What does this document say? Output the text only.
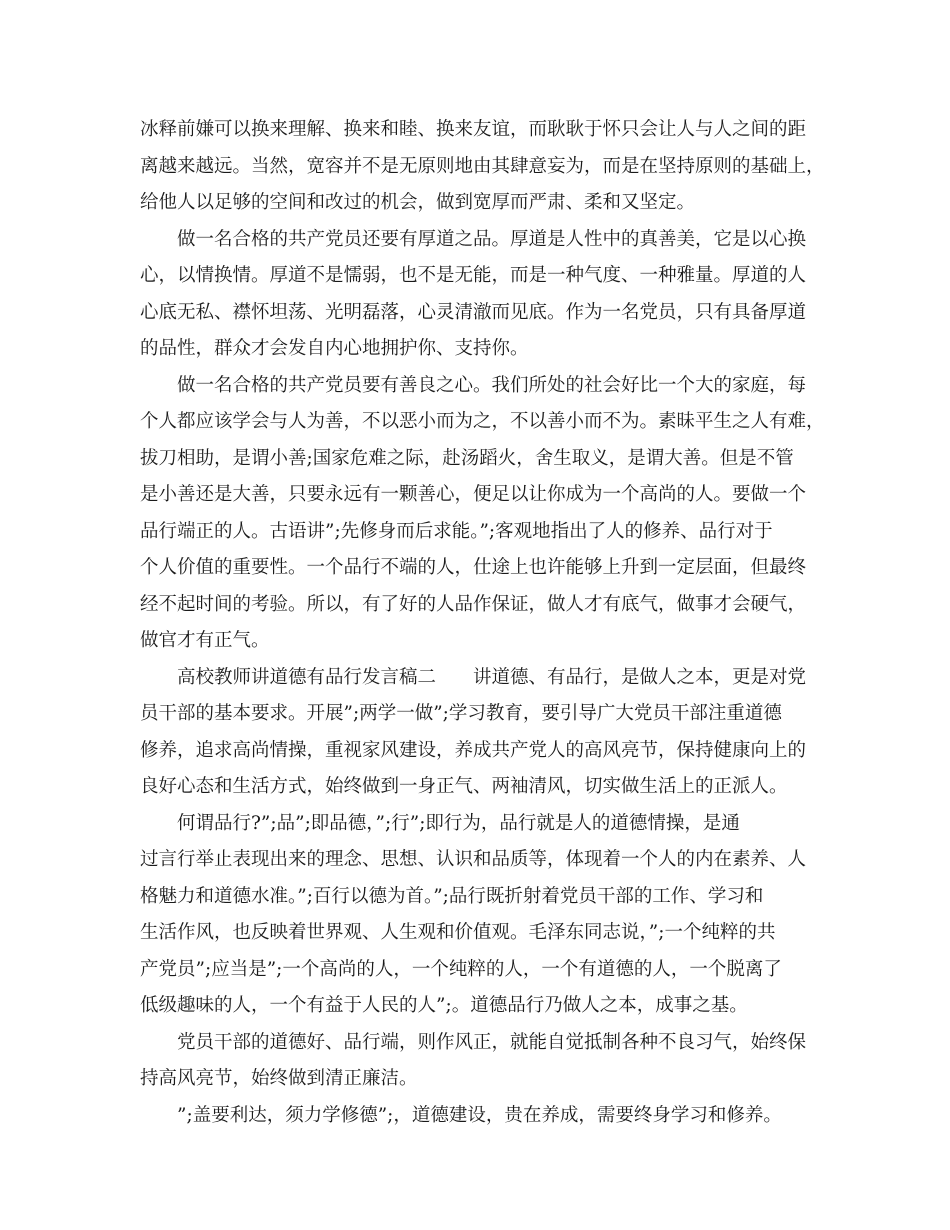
冰释前嫌可以换来理解、换来和睦、换来友谊，而耿耿于怀只会让人与人之间的距
离越来越远。当然，宽容并不是无原则地由其肆意妄为，而是在坚持原则的基础上，
给他人以足够的空间和改过的机会，做到宽厚而严肃、柔和又坚定。
做一名合格的共产党员还要有厚道之品。厚道是人性中的真善美，它是以心换
心，以情换情。厚道不是懦弱，也不是无能，而是一种气度、一种雅量。厚道的人
心底无私、襟怀坦荡、光明磊落，心灵清澈而见底。作为一名党员，只有具备厚道
的品性，群众才会发自内心地拥护你、支持你。
做一名合格的共产党员要有善良之心。我们所处的社会好比一个大的家庭，每
个人都应该学会与人为善，不以恶小而为之，不以善小而不为。素昧平生之人有难，
拔刀相助，是谓小善;国家危难之际，赴汤蹈火，舍生取义，是谓大善。但是不管
是小善还是大善，只要永远有一颗善心，便足以让你成为一个高尚的人。要做一个
品行端正的人。古语讲”;先修身而后求能。”;客观地指出了人的修养、品行对于
个人价值的重要性。一个品行不端的人，仕途上也许能够上升到一定层面，但最终
经不起时间的考验。所以，有了好的人品作保证，做人才有底气，做事才会硬气，
做官才有正气。
高校教师讲道德有品行发言稿二　　讲道德、有品行，是做人之本，更是对党
员干部的基本要求。开展”;两学一做”;学习教育，要引导广大党员干部注重道德
修养，追求高尚情操，重视家风建设，养成共产党人的高风亮节，保持健康向上的
良好心态和生活方式，始终做到一身正气、两袖清风，切实做生活上的正派人。
何谓品行?”;品”;即品德，”;行”;即行为，品行就是人的道德情操，是通
过言行举止表现出来的理念、思想、认识和品质等，体现着一个人的内在素养、人
格魅力和道德水准。”;百行以德为首。”;品行既折射着党员干部的工作、学习和
生活作风，也反映着世界观、人生观和价值观。毛泽东同志说，”;一个纯粹的共
产党员”;应当是”;一个高尚的人，一个纯粹的人，一个有道德的人，一个脱离了
低级趣味的人，一个有益于人民的人”;。道德品行乃做人之本，成事之基。
党员干部的道德好、品行端，则作风正，就能自觉抵制各种不良习气，始终保
持高风亮节，始终做到清正廉洁。
”;盖要利达，须力学修德”;，道德建设，贵在养成，需要终身学习和修养。
